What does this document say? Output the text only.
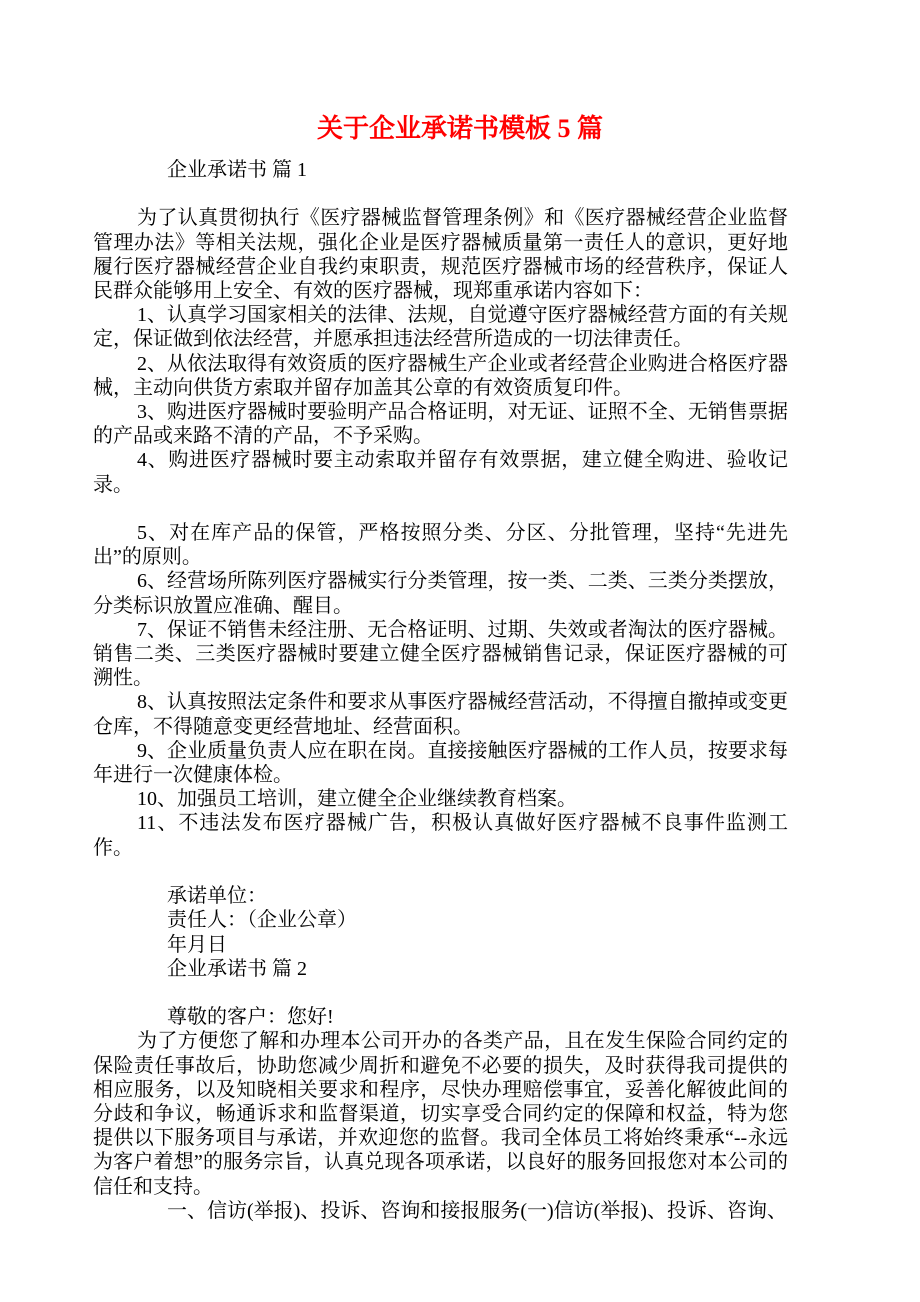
关于企业承诺书模板 5 篇

企业承诺书 篇 1

为了认真贯彻执行《医疗器械监督管理条例》和《医疗器械经营企业监督管理办法》等相关法规，强化企业是医疗器械质量第一责任人的意识，更好地履行医疗器械经营企业自我约束职责，规范医疗器械市场的经营秩序，保证人民群众能够用上安全、有效的医疗器械，现郑重承诺内容如下：

1、认真学习国家相关的法律、法规，自觉遵守医疗器械经营方面的有关规定，保证做到依法经营，并愿承担违法经营所造成的一切法律责任。

2、从依法取得有效资质的医疗器械生产企业或者经营企业购进合格医疗器械，主动向供货方索取并留存加盖其公章的有效资质复印件。

3、购进医疗器械时要验明产品合格证明，对无证、证照不全、无销售票据的产品或来路不清的产品，不予采购。

4、购进医疗器械时要主动索取并留存有效票据，建立健全购进、验收记录。

5、对在库产品的保管，严格按照分类、分区、分批管理，坚持“先进先出”的原则。

6、经营场所陈列医疗器械实行分类管理，按一类、二类、三类分类摆放，分类标识放置应准确、醒目。

7、保证不销售未经注册、无合格证明、过期、失效或者淘汰的医疗器械。销售二类、三类医疗器械时要建立健全医疗器械销售记录，保证医疗器械的可溯性。

8、认真按照法定条件和要求从事医疗器械经营活动，不得擅自撤掉或变更仓库，不得随意变更经营地址、经营面积。

9、企业质量负责人应在职在岗。直接接触医疗器械的工作人员，按要求每年进行一次健康体检。

10、加强员工培训，建立健全企业继续教育档案。

11、不违法发布医疗器械广告，积极认真做好医疗器械不良事件监测工作。

承诺单位：

责任人：（企业公章）

年月日

企业承诺书 篇 2

尊敬的客户：您好!

为了方便您了解和办理本公司开办的各类产品，且在发生保险合同约定的保险责任事故后，协助您减少周折和避免不必要的损失，及时获得我司提供的相应服务，以及知晓相关要求和程序，尽快办理赔偿事宜，妥善化解彼此间的分歧和争议，畅通诉求和监督渠道，切实享受合同约定的保障和权益，特为您提供以下服务项目与承诺，并欢迎您的监督。我司全体员工将始终秉承“--永远为客户着想”的服务宗旨，认真兑现各项承诺，以良好的服务回报您对本公司的信任和支持。

一、信访(举报)、投诉、咨询和接报服务(一)信访(举报)、投诉、咨询、
